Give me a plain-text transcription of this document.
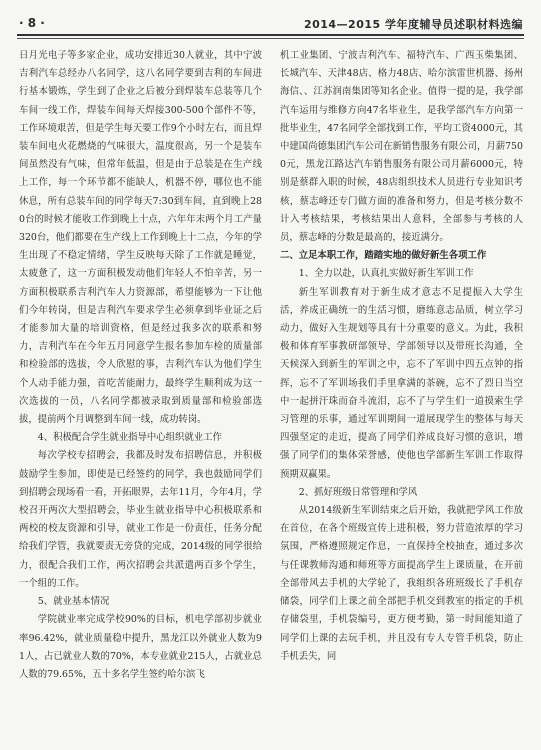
· 8 ·	2014—2015 学年度辅导员述职材料选编

日月光电子等多家企业，成功安排近30人就业，其中宁波吉利汽车总经办八名同学，这八名同学要到吉利的车间进行基本锻炼，学生到了企业之后被分到焊装车总装等几个车间一线工作，焊装车间每天焊接300-500个部件不等，工作环境艰苦，但是学生每天要工作9个小时左右，而且焊装车间电火花燃烧的气味很大，温度很高，另一个是装车间虽然没有气味，但常年低温，但是由于总装是在生产线上工作，每一个环节都不能缺人，机器不停，哪位也不能休息，所有总装车间的同学每天7:30到车间，直到晚上280台的时候才能收工作到晚上十点，六年年末两个月工产量320台，他们都要在生产线上工作到晚上十二点，今年的学生出现了不稳定情绪，学生反映每天除了工作就是睡觉，太疲惫了，这一方面积极发动他们年轻人不怕辛苦，另一方面积极联系吉利汽车人力资源部，希望能够为一下让他们今年转岗，但是吉利汽车要求学生必须拿到毕业证之后才能参加大量的培训资格，但是经过我多次的联系和努力，吉利汽车在今年五月同意学生报名参加车检的质量部和检验部的选拔，令人欣慰的事，吉利汽车认为他们学生个人动手能力强，首吃苦能耐力，最终学生顺利成为这一次选拔的一员，八名同学都被录取到质量部和检验部选拔，提前两个月调整到车间一线，成功转岗。

4、积极配合学生就业指导中心组织就业工作

每次学校专招聘会，我都及时发布招聘信息，并积极鼓励学生参加，即使是已经签约的同学，我也鼓励同学们到招聘会现场看一看，开拓眼界，去年11月，今年4月，学校召开两次大型招聘会，毕业生就业指导中心积极联系和两校的校友资源和引导，就业工作是一份责任，任务分配给我们学管，我就要责无旁贷的完成，2014级的同学很给力，很配合我们工作，两次招聘会共派遣两百多个学生，一个组的工作。

5、就业基本情况

学院就业率完成学校90%的目标，机电学部初步就业率96.42%，就业质量稳中提升，黑龙江以外就业人数为91人，占已就业人数的70%，本专业就业215人，占就业总人数的79.65%，五十多名学生签约哈尔滨飞

机工业集团、宁波吉利汽车、福特汽车、广西玉柴集团、长城汽车、天津48店、格力48店、哈尔滨雷世机器、扬州海信、、江苏润南集团等知名企业。值得一提的是，我学部汽车运用与维修方向47名毕业生，是我学部汽车方向第一批毕业生，47名同学全部找到工作，平均工资4000元，其中建国尚德集团汽车公司在新销售服务有限公司，月薪7500元，黑龙江路达汽车销售服务有限公司月薪6000元，特别是蔡群入职的时候，48店组织技术人员进行专业知识考核，蔡志峰还专门做方面的准备和努力，但是考核分数不计入考核结果，考核结果出人意料，全部参与考核的人员，蔡志峰的分数是最高的，接近满分。

二、立足本职工作，踏踏实地的做好新生各项工作

1、全力以赴，认真扎实做好新生军训工作

新生军训教育对于新生成才意志不足提振入大学生活，养成正确统一的生活习惯，磨练意志品质，树立学习动力，做好入生规划等具有十分重要的意义。为此，我积极和体育军事教研部领导、学部领导以及带班长沟通，全天候深入到新生的军训之中，忘不了军训中四五点钟的指挥，忘不了军训场我们手里拿满的茶碗，忘不了烈日当空中一起拼汗珠而奋斗流泪，忘不了与学生们一道摸索生学习管理的乐事，通过军训期间一道展现学生的整体与每天四强坚定的走近，提高了同学们养成良好习惯的意识，增强了同学们的集体荣誉感，使他也学部新生军训工作取得预期双赢果。

2、抓好班级日常管理和学风

从2014级新生军训结束之后开始，我就把学风工作放在首位，在各个班级宣传上进积极，努力营造浓厚的学习氛围，严格遵照规定作息，一直保持全校抽查，通过多次与任课教师沟通和师班等方面提高学生上课质量，在开前全部带风去手机的大学轮了，我组织各班班级长了手机存储袋，同学们上课之前全部把手机交到教室的指定的手机存储袋里，手机袋编号，更方便考勤，第一时间能知道了同学们上课的去玩手机，并且没有专人专管手机袋，防止手机丢失，同
